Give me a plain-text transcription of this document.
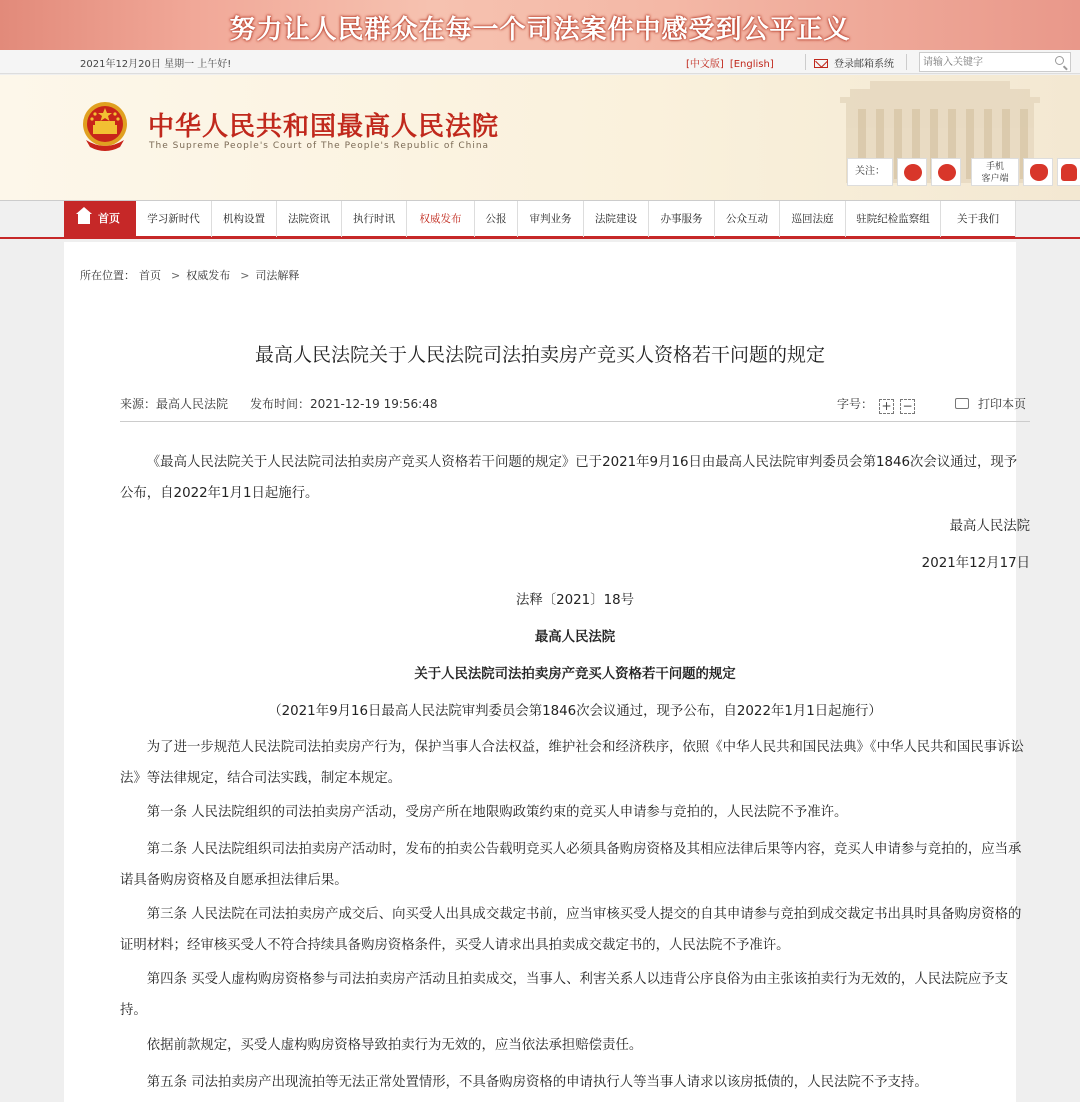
努力让人民群众在每一个司法案件中感受到公平正义
2021年12月20日 星期一 上午好!	[中文版] [English]	登录邮箱系统
请输入关键字
中华人民共和国最高人民法院
The Supreme People's Court of The People's Republic of China
关注：	手机
客户端
首页	学习新时代	机构设置	法院资讯	执行时讯	权威发布	公报	审判业务	法院建设	办事服务	公众互动	巡回法庭	驻院纪检监察组	关于我们
所在位置： 首页 > 权威发布 > 司法解释
最高人民法院关于人民法院司法拍卖房产竞买人资格若干问题的规定
来源：最高人民法院 发布时间：2021-12-19 19:56:48	字号： + −	打印本页

《最高人民法院关于人民法院司法拍卖房产竞买人资格若干问题的规定》已于2021年9月16日由最高人民法院审判委员会第1846次会议通过，现予公布，自2022年1月1日起施行。

最高人民法院

2021年12月17日

法释〔2021〕18号

最高人民法院

关于人民法院司法拍卖房产竞买人资格若干问题的规定

（2021年9月16日最高人民法院审判委员会第1846次会议通过，现予公布，自2022年1月1日起施行）

为了进一步规范人民法院司法拍卖房产行为，保护当事人合法权益，维护社会和经济秩序，依照《中华人民共和国民法典》《中华人民共和国民事诉讼法》等法律规定，结合司法实践，制定本规定。

第一条 人民法院组织的司法拍卖房产活动，受房产所在地限购政策约束的竞买人申请参与竞拍的，人民法院不予准许。

第二条 人民法院组织司法拍卖房产活动时，发布的拍卖公告载明竞买人必须具备购房资格及其相应法律后果等内容，竞买人申请参与竞拍的，应当承诺具备购房资格及自愿承担法律后果。

第三条 人民法院在司法拍卖房产成交后、向买受人出具成交裁定书前，应当审核买受人提交的自其申请参与竞拍到成交裁定书出具时具备购房资格的证明材料；经审核买受人不符合持续具备购房资格条件，买受人请求出具拍卖成交裁定书的，人民法院不予准许。

第四条 买受人虚构购房资格参与司法拍卖房产活动且拍卖成交，当事人、利害关系人以违背公序良俗为由主张该拍卖行为无效的，人民法院应予支持。

依据前款规定，买受人虚构购房资格导致拍卖行为无效的，应当依法承担赔偿责任。

第五条 司法拍卖房产出现流拍等无法正常处置情形，不具备购房资格的申请执行人等当事人请求以该房抵债的，人民法院不予支持。
